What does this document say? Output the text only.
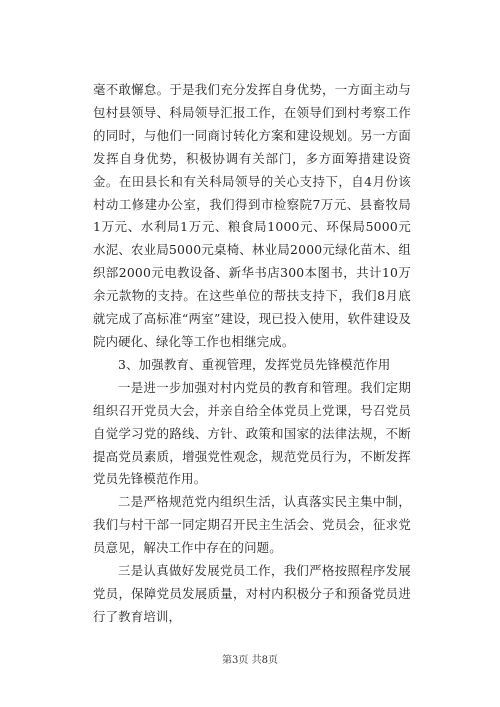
毫不敢懈怠。于是我们充分发挥自身优势，一方面主动与包村县领导、科局领导汇报工作，在领导们到村考察工作的同时，与他们一同商讨转化方案和建设规划。另一方面发挥自身优势，积极协调有关部门，多方面筹措建设资金。在田县长和有关科局领导的关心支持下，自4月份该村动工修建办公室，我们得到市检察院7万元、县畜牧局1万元、水利局1万元、粮食局1000元、环保局5000元水泥、农业局5000元桌椅、林业局2000元绿化苗木、组织部2000元电教设备、新华书店300本图书，共计10万余元款物的支持。在这些单位的帮扶支持下，我们8月底就完成了高标准“两室”建设，现已投入使用，软件建设及院内硬化、绿化等工作也相继完成。

3、加强教育、重视管理，发挥党员先锋模范作用

一是进一步加强对村内党员的教育和管理。我们定期组织召开党员大会，并亲自给全体党员上党课，号召党员自觉学习党的路线、方针、政策和国家的法律法规，不断提高党员素质，增强党性观念，规范党员行为，不断发挥党员先锋模范作用。

二是严格规范党内组织生活，认真落实民主集中制，我们与村干部一同定期召开民主生活会、党员会，征求党员意见，解决工作中存在的问题。

三是认真做好发展党员工作，我们严格按照程序发展党员，保障党员发展质量，对村内积极分子和预备党员进行了教育培训，

第3页 共8页
